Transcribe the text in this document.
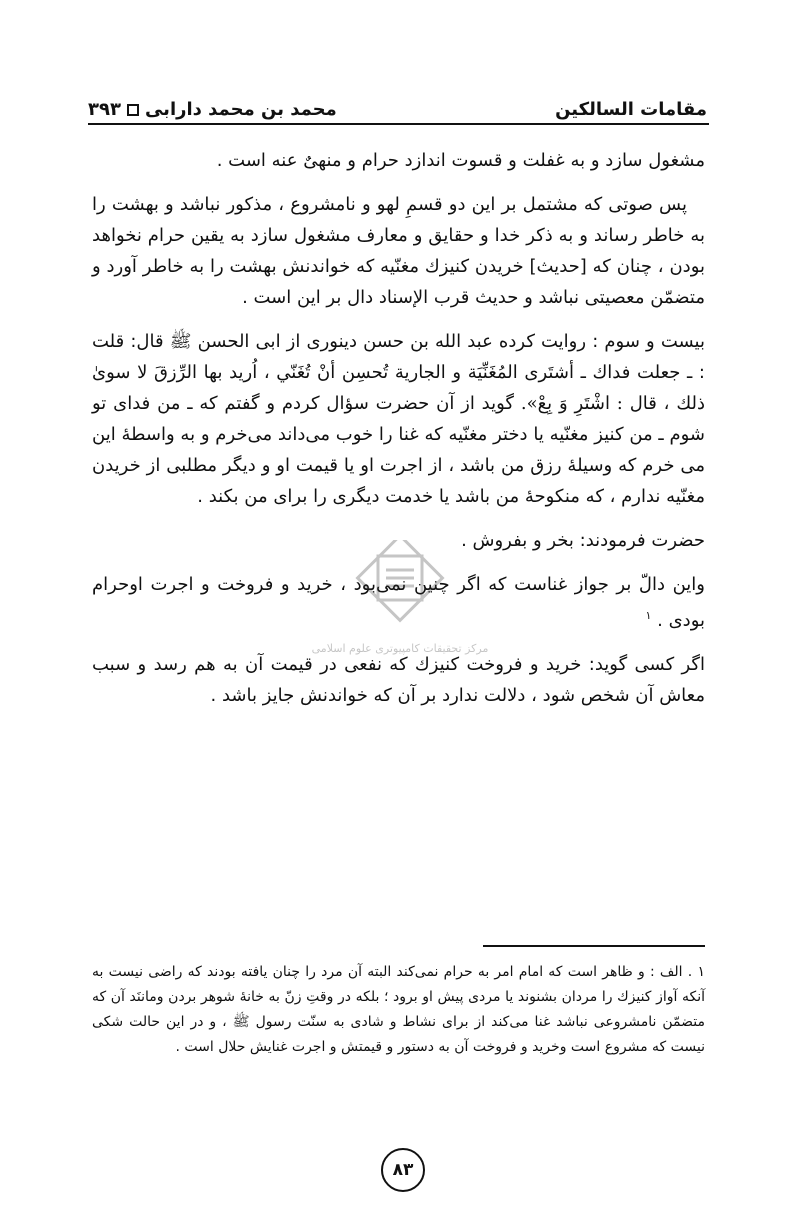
مقامات السالکین
محمد بن محمد دارابی
۳۹۳

مشغول سازد و به غفلت و قسوت اندازد حرام و منهیٌ عنه است .

پس صوتی که مشتمل بر این دو قسمِ لهو و نامشروع ، مذکور نباشد و بهشت را به خاطر رساند و به ذکر خدا و حقایق و معارف مشغول سازد به یقین حرام نخواهد بودن ، چنان که [حدیث] خریدن کنیزك مغنّیه که خواندنش بهشت را به خاطر آورد و متضمّن معصیتی نباشد و حدیث قرب الإسناد دال بر این است .

بیست و سوم : روایت کرده عبد الله بن حسن دینوری از ابی الحسن ﷺ قال: قلت : ـ جعلت فداك ـ أشتَری المُغَنِّیَة و الجاریة تُحسِن أنْ تُغَنّي ، اُرید بها الرِّزقَ لا سوىٰ ذلك ، قال : اشْتَرِ وَ بِعْ». گوید از آن حضرت سؤال کردم و گفتم که ـ من فدای تو شوم ـ من کنیز مغنّیه یا دختر مغنّیه که غنا را خوب می‌داند می‌خرم و به واسطهٔ این می خرم که وسیلهٔ رزق من باشد ، از اجرت او یا قیمت او و دیگر مطلبی از خریدن مغنّیه ندارم ، که منکوحهٔ من باشد یا خدمت دیگری را برای من بکند .

حضرت فرمودند: بخر و بفروش .

واین دالّ بر جواز غناست که اگر چنین نمی‌بود ، خرید و فروخت و اجرت اوحرام بودی . $^۱$

اگر کسی گوید: خرید و فروخت کنیزك که نفعی در قیمت آن به هم رسد و سبب معاش آن شخص شود ، دلالت ندارد بر آن که خواندنش جایز باشد .

مرکز تحقیقات کامپیوتری علوم اسلامی

۱ . الف : و ظاهر است که امام امر به حرام نمی‌کند البته آن مرد را چنان یافته بودند که راضی نیست به آنکه آواز کنیزك را مردان بشنوند یا مردی پیش او برود ؛ بلکه در وقتِ زنّ به خانهٔ شوهر بردن وماننَد آن که متضمّن نامشروعی نباشد غنا می‌کند از برای نشاط و شادی به سنّت رسول ﷺ ، و در این حالت شکی نیست که مشروع است وخرید و فروخت آن به دستور و قیمتش و اجرت غنایش حلال است .

۸۳
